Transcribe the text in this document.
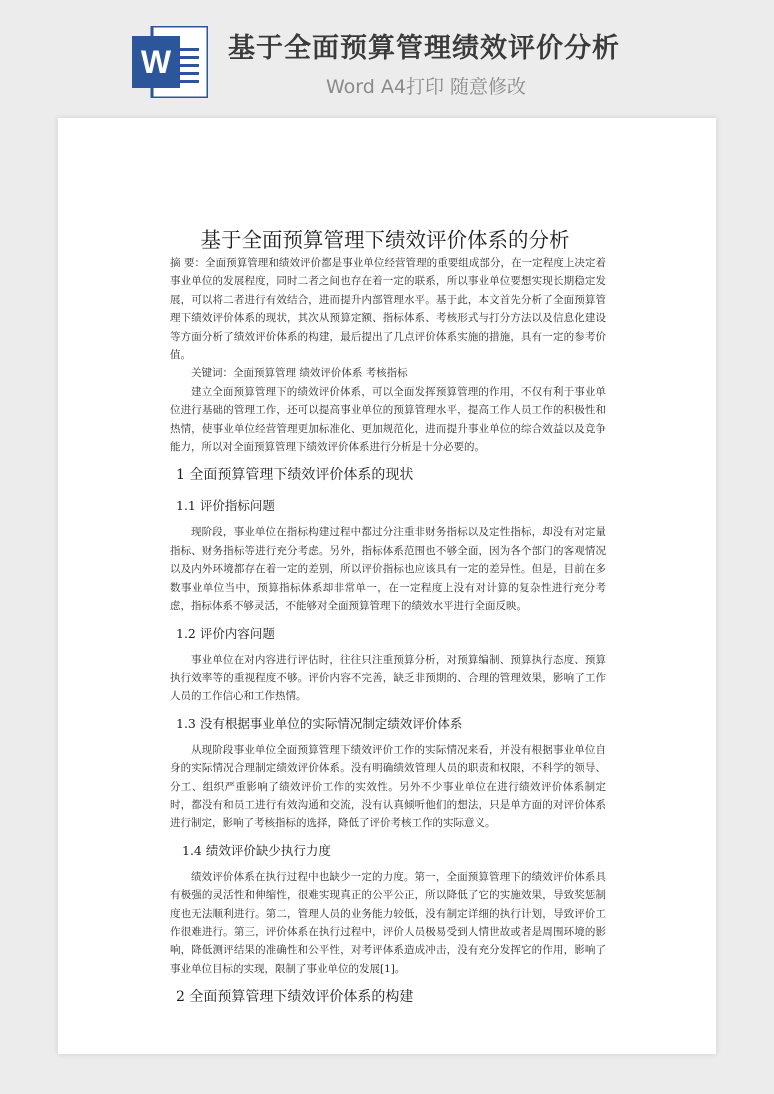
W 基于全面预算管理绩效评价分析
Word A4打印 随意修改
基于全面预算管理下绩效评价体系的分析

摘 要：全面预算管理和绩效评价都是事业单位经营管理的重要组成部分，在一定程度上决定着事业单位的发展程度，同时二者之间也存在着一定的联系，所以事业单位要想实现长期稳定发展，可以将二者进行有效结合，进而提升内部管理水平。基于此，本文首先分析了全面预算管理下绩效评价体系的现状，其次从预算定额、指标体系、考核形式与打分方法以及信息化建设等方面分析了绩效评价体系的构建，最后提出了几点评价体系实施的措施，具有一定的参考价值。

关键词：全面预算管理 绩效评价体系 考核指标

建立全面预算管理下的绩效评价体系，可以全面发挥预算管理的作用，不仅有利于事业单位进行基础的管理工作，还可以提高事业单位的预算管理水平，提高工作人员工作的积极性和热情，使事业单位经营管理更加标准化、更加规范化，进而提升事业单位的综合效益以及竞争能力，所以对全面预算管理下绩效评价体系进行分析是十分必要的。

1 全面预算管理下绩效评价体系的现状
1.1 评价指标问题

现阶段，事业单位在指标构建过程中都过分注重非财务指标以及定性指标，却没有对定量指标、财务指标等进行充分考虑。另外，指标体系范围也不够全面，因为各个部门的客观情况以及内外环境都存在着一定的差别，所以评价指标也应该具有一定的差异性。但是，目前在多数事业单位当中，预算指标体系却非常单一，在一定程度上没有对计算的复杂性进行充分考虑，指标体系不够灵活，不能够对全面预算管理下的绩效水平进行全面反映。

1.2 评价内容问题

事业单位在对内容进行评估时，往往只注重预算分析，对预算编制、预算执行态度、预算执行效率等的重视程度不够。评价内容不完善，缺乏非预期的、合理的管理效果，影响了工作人员的工作信心和工作热情。

1.3 没有根据事业单位的实际情况制定绩效评价体系

从现阶段事业单位全面预算管理下绩效评价工作的实际情况来看，并没有根据事业单位自身的实际情况合理制定绩效评价体系。没有明确绩效管理人员的职责和权限，不科学的领导、分工、组织严重影响了绩效评价工作的实效性。另外不少事业单位在进行绩效评价体系制定时，都没有和员工进行有效沟通和交流，没有认真倾听他们的想法，只是单方面的对评价体系进行制定，影响了考核指标的选择，降低了评价考核工作的实际意义。

1.4 绩效评价缺少执行力度

绩效评价体系在执行过程中也缺少一定的力度。第一，全面预算管理下的绩效评价体系具有极强的灵活性和伸缩性，很难实现真正的公平公正，所以降低了它的实施效果，导致奖惩制度也无法顺利进行。第二，管理人员的业务能力较低，没有制定详细的执行计划，导致评价工作很难进行。第三，评价体系在执行过程中，评价人员极易受到人情世故或者是周围环境的影响，降低测评结果的准确性和公平性，对考评体系造成冲击，没有充分发挥它的作用，影响了事业单位目标的实现，限制了事业单位的发展[1]。

2 全面预算管理下绩效评价体系的构建
